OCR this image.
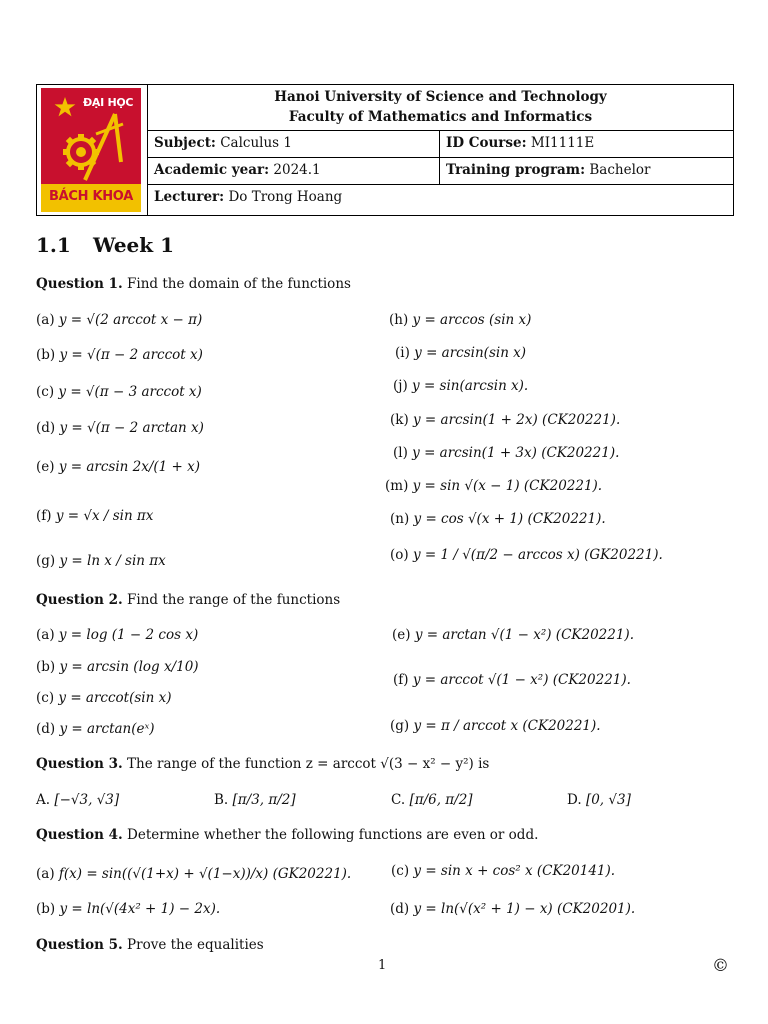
ĐẠI HỌC
BÁCH KHOA
Hanoi University of Science and Technology
Faculty of Mathematics and Informatics
Subject: Calculus 1	ID Course: MI1111E
Academic year: 2024.1	Training program: Bachelor
Lecturer: Do Trong Hoang
1.1 Week 1
Question 1. Find the domain of the functions
(a) y = √(2 arccot x − π)
(b) y = √(π − 2 arccot x)
(c) y = √(π − 3 arccot x)
(d) y = √(π − 2 arctan x)
(e) y = arcsin 2x/(1 + x)
(f) y = √x / sin πx
(g) y = ln x / sin πx
(h) y = arccos (sin x)
(i) y = arcsin(sin x)
(j) y = sin(arcsin x).
(k) y = arcsin(1 + 2x) (CK20221).
(l) y = arcsin(1 + 3x) (CK20221).
(m) y = sin √(x − 1) (CK20221).
(n) y = cos √(x + 1) (CK20221).
(o) y = 1 / √(π/2 − arccos x) (GK20221).
Question 2. Find the range of the functions
(a) y = log (1 − 2 cos x)
(b) y = arcsin (log x/10)
(c) y = arccot(sin x)
(d) y = arctan(eˣ)
(e) y = arctan √(1 − x²) (CK20221).
(f) y = arccot √(1 − x²) (CK20221).
(g) y = π / arccot x (CK20221).
Question 3. The range of the function z = arccot √(3 − x² − y²) is
A. [−√3, √3]	B. [π/3, π/2]	C. [π/6, π/2]	D. [0, √3]
Question 4. Determine whether the following functions are even or odd.
(a) f(x) = sin((√(1+x) + √(1−x))/x) (GK20221).
(b) y = ln(√(4x² + 1) − 2x).
(c) y = sin x + cos² x (CK20141).
(d) y = ln(√(x² + 1) − x) (CK20201).
Question 5. Prove the equalities
1	©
